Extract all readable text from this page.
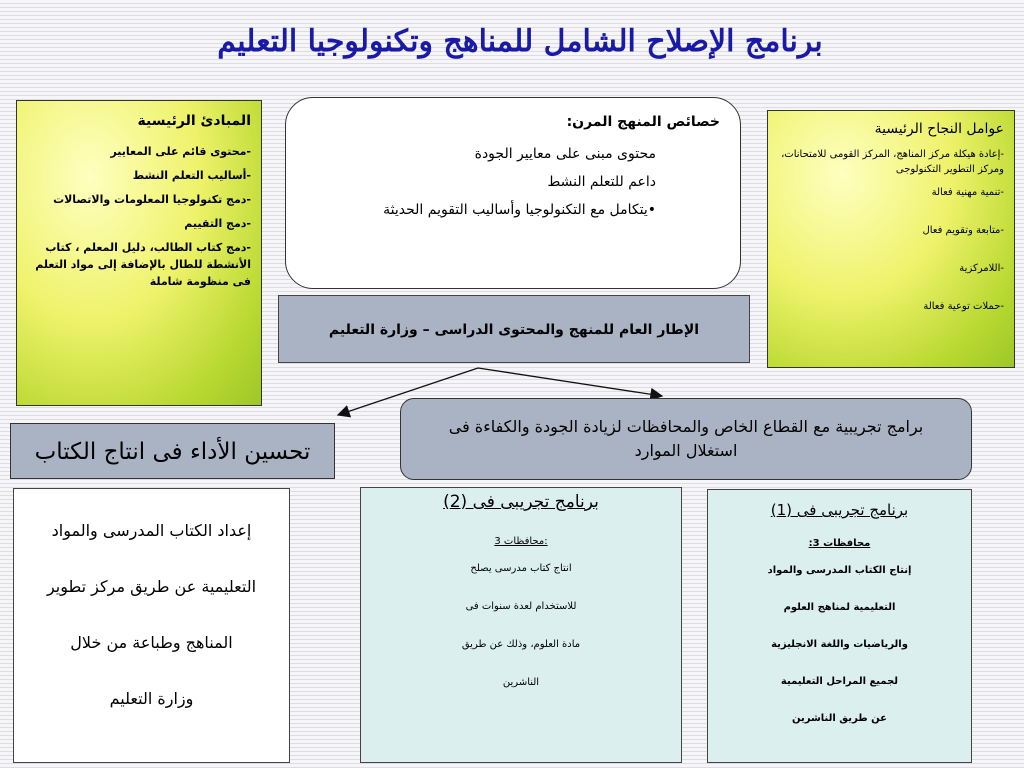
برنامج الإصلاح الشامل للمناهج وتكنولوجيا التعليم
المبادئ الرئيسية
-محتوى قائم على المعايير
-أساليب التعلم النشط
-دمج تكنولوجيا المعلومات والاتصالات
-دمج التقييم
-دمج كتاب الطالب، دليل المعلم ، كتاب الأنشطة للطال بالإضافة إلى مواد التعلم فى منظومة شاملة
خصائص المنهج المرن:
محتوى مبنى على معايير الجودة
داعم للتعلم النشط
•يتكامل مع التكنولوجيا وأساليب التقويم الحديثة
الإطار العام للمنهج والمحتوى الدراسى – وزارة التعليم
عوامل النجاح الرئيسية
-إعادة هيكلة مركز المناهج، المركز القومى للامتحانات، ومركز التطوير التكنولوجى
-تنمية مهنية فعالة
-متابعة وتقويم فعال
-اللامركزية
-حملات توعية فعالة
برامج تجريبية مع القطاع الخاص والمحافظات لزيادة الجودة والكفاءة فى استغلال الموارد
تحسين الأداء فى انتاج الكتاب
إعداد الكتاب المدرسى والمواد
التعليمية عن طريق مركز تطوير
المناهج وطباعة من خلال
وزارة التعليم
برنامج تجريبى فى (2)
:محافظات 3
انتاج كتاب مدرسى يصلح
للاستخدام لعدة سنوات فى
مادة العلوم، وذلك عن طريق
الناشرين
برنامج تجريبى فى (1)
محافظات 3:
إنتاج الكتاب المدرسى والمواد
التعليمية لمناهج العلوم
والرياضيات واللغة الانجليزية
لجميع المراحل التعليمية
عن طريق الناشرين
